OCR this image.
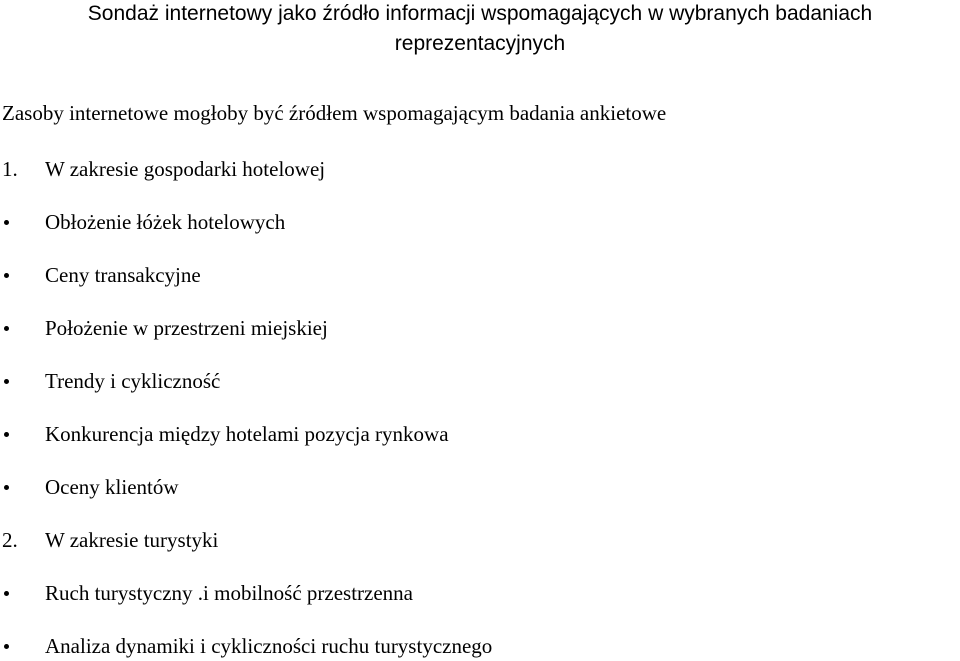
Sondaż internetowy jako źródło informacji wspomagających w wybranych badaniach
reprezentacyjnych
Zasoby internetowe mogłoby być źródłem wspomagającym badania ankietowe
1.	W zakresie gospodarki hotelowej
Obłożenie łóżek hotelowych
Ceny transakcyjne
Położenie w przestrzeni miejskiej
Trendy i cykliczność
Konkurencja między hotelami pozycja rynkowa
Oceny klientów
2.	W zakresie turystyki
Ruch turystyczny .i mobilność przestrzenna
Analiza dynamiki i cykliczności ruchu turystycznego
